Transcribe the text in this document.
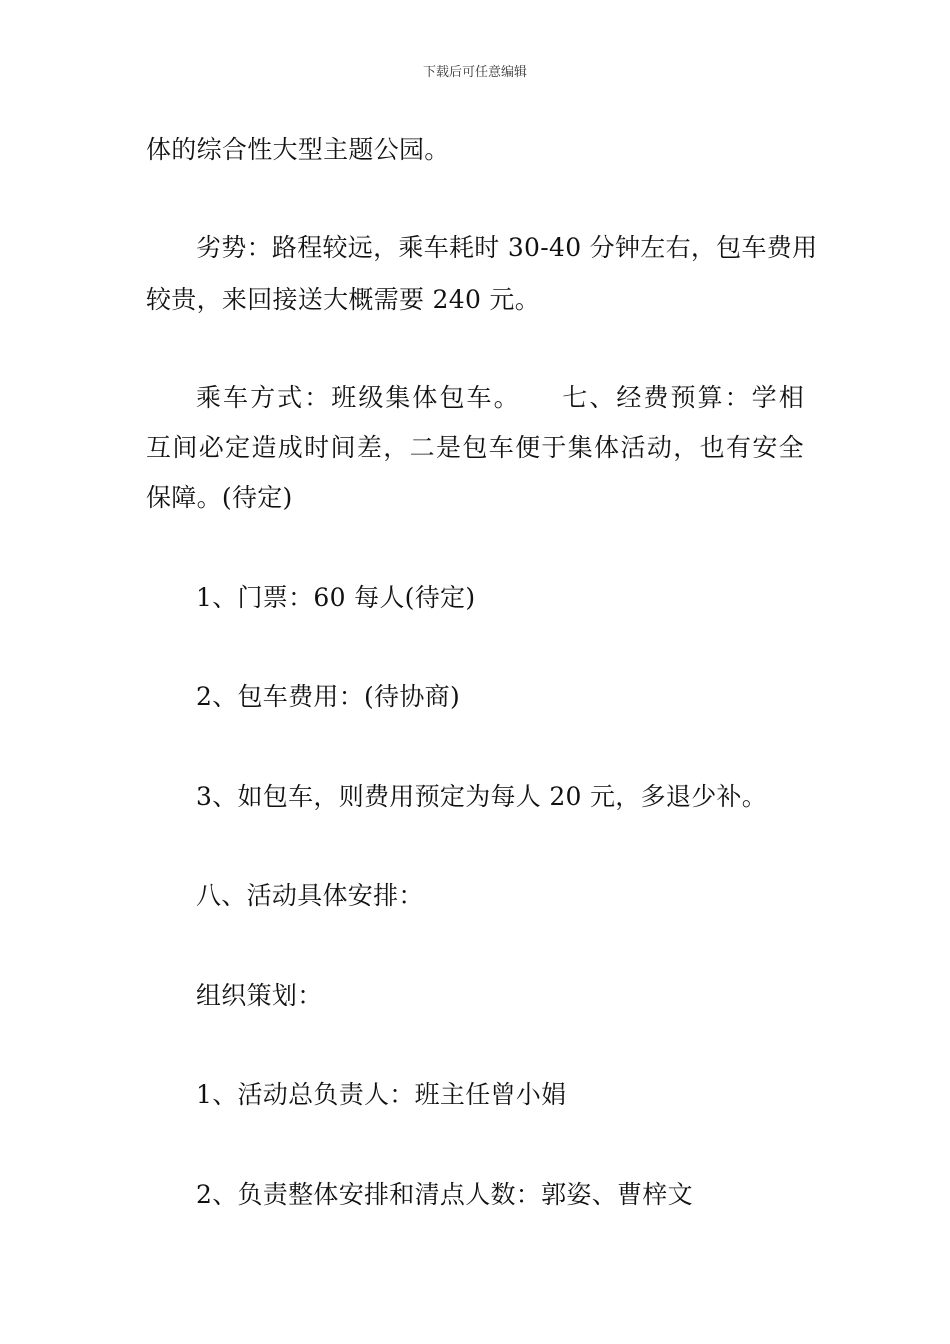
下载后可任意编辑
体的综合性大型主题公园。
劣势：路程较远，乘车耗时 30-40 分钟左右，包车费用
较贵，来回接送大概需要 240 元。
乘车方式：班级集体包车。　　七、经费预算：学相
互间必定造成时间差，二是包车便于集体活动，也有安全
保障。(待定)
1、门票：60 每人(待定)
2、包车费用：(待协商)
3、如包车，则费用预定为每人 20 元，多退少补。
八、活动具体安排：
组织策划：
1、活动总负责人：班主任曾小娟
2、负责整体安排和清点人数：郭姿、曹梓文
